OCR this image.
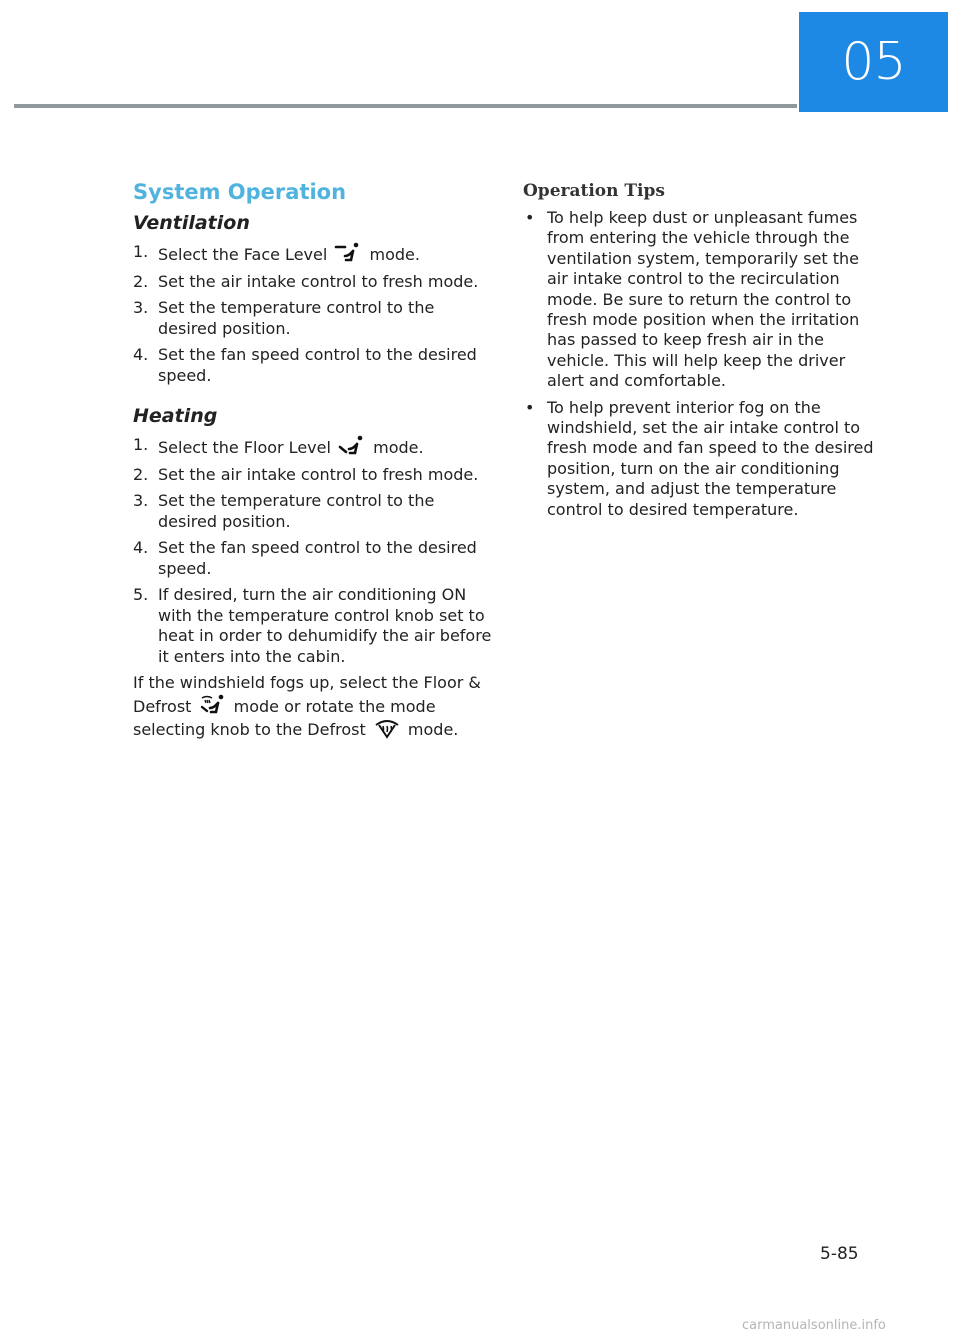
05
System Operation
Ventilation
1. Select the Face Level	mode.
2. Set the air intake control to fresh mode.
3. Set the temperature control to the desired position.
4. Set the fan speed control to the desired speed.
Heating
1. Select the Floor Level	mode.
2. Set the air intake control to fresh mode.
3. Set the temperature control to the desired position.
4. Set the fan speed control to the desired speed.
5. If desired, turn the air conditioning ON with the temperature control knob set to heat in order to dehumidify the air before it enters into the cabin.

If the windshield fogs up, select the Floor & Defrost	mode or rotate the mode selecting knob to the Defrost	mode.

Operation Tips
• To help keep dust or unpleasant fumes from entering the vehicle through the ventilation system, temporarily set the air intake control to the recirculation mode. Be sure to return the control to fresh mode position when the irritation has passed to keep fresh air in the vehicle. This will help keep the driver alert and comfortable.
• To help prevent interior fog on the windshield, set the air intake control to fresh mode and fan speed to the desired position, turn on the air conditioning system, and adjust the temperature control to desired temperature.
5-85
carmanualsonline.info
